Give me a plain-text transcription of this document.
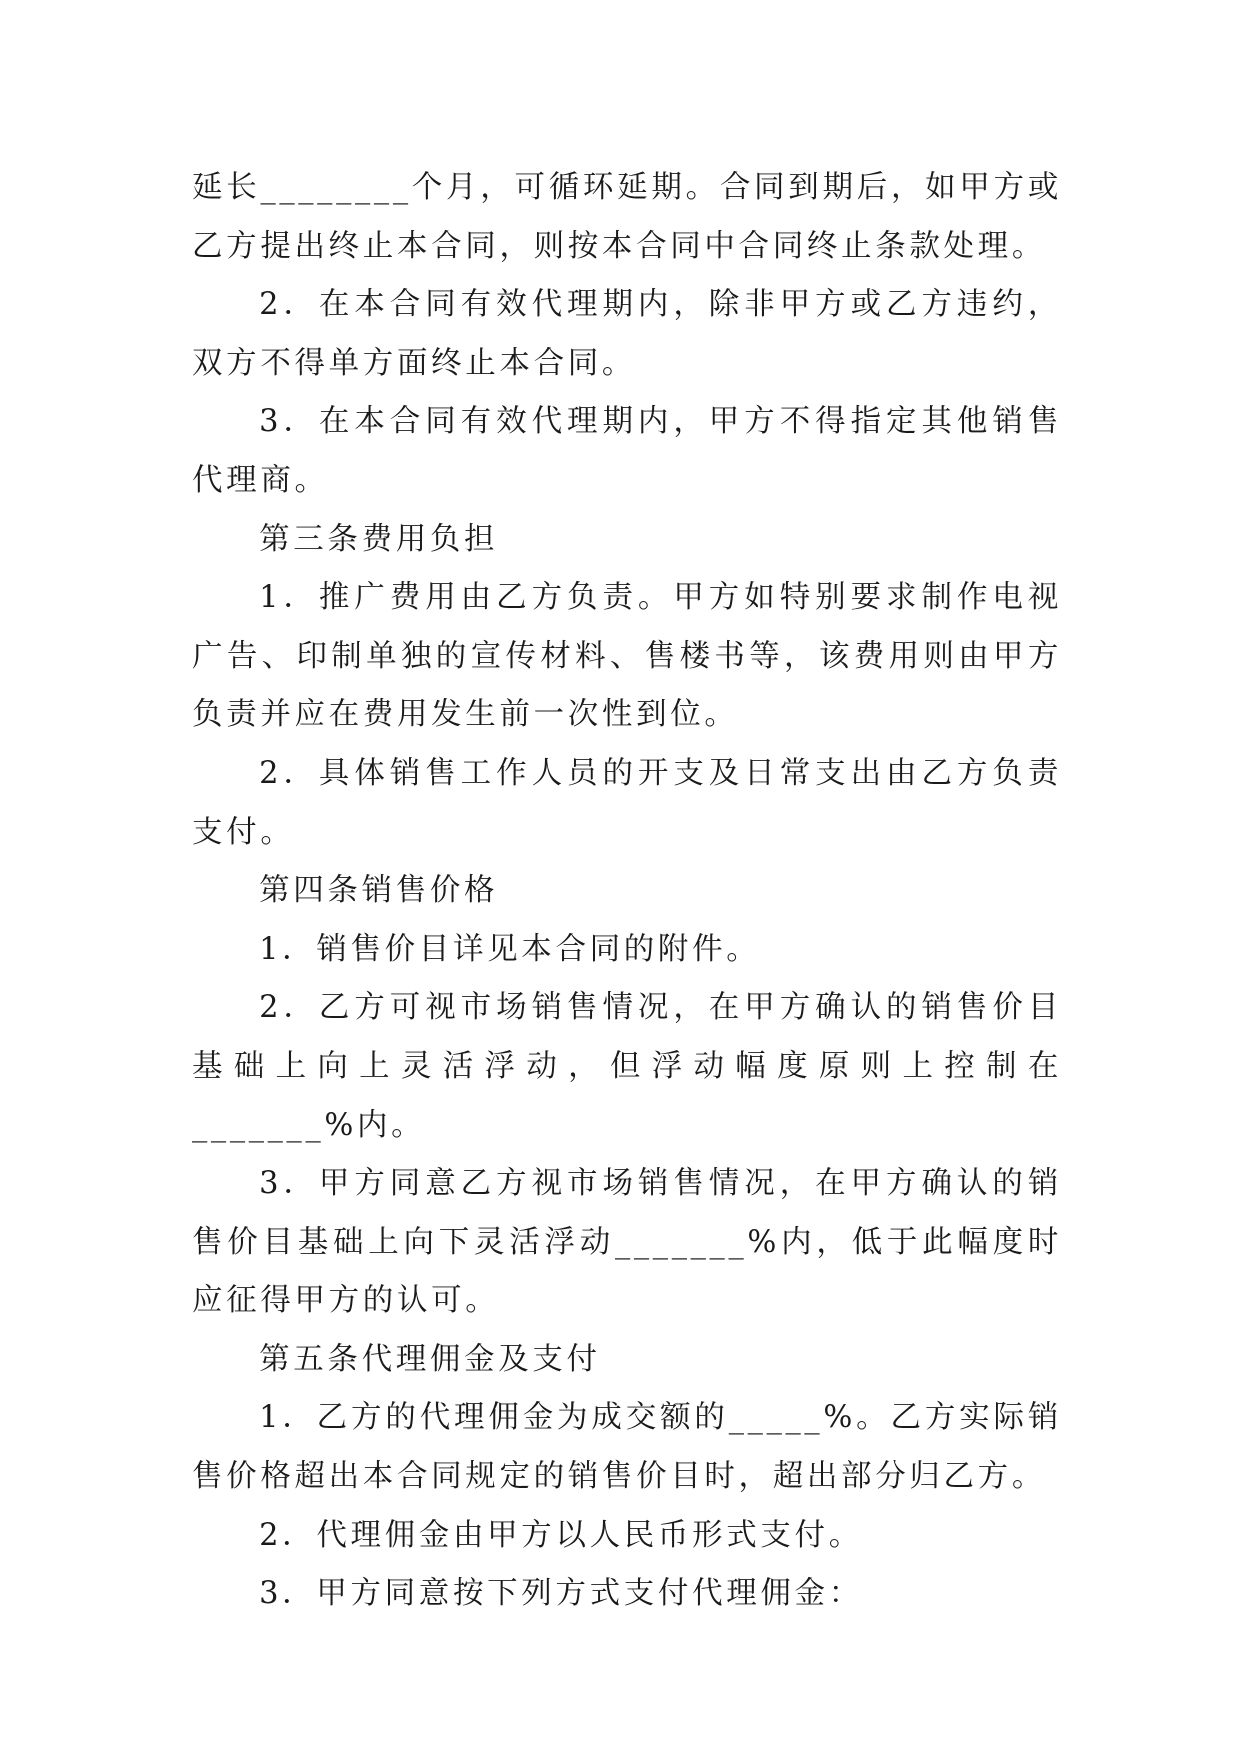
延长________个月，可循环延期。合同到期后，如甲方或乙方提出终止本合同，则按本合同中合同终止条款处理。

2．在本合同有效代理期内，除非甲方或乙方违约，双方不得单方面终止本合同。

3．在本合同有效代理期内，甲方不得指定其他销售代理商。

第三条费用负担

1．推广费用由乙方负责。甲方如特别要求制作电视广告、印制单独的宣传材料、售楼书等，该费用则由甲方负责并应在费用发生前一次性到位。

2．具体销售工作人员的开支及日常支出由乙方负责支付。

第四条销售价格

1．销售价目详见本合同的附件。

2．乙方可视市场销售情况，在甲方确认的销售价目基础上向上灵活浮动，但浮动幅度原则上控制在_______%内。

3．甲方同意乙方视市场销售情况，在甲方确认的销售价目基础上向下灵活浮动_______%内，低于此幅度时应征得甲方的认可。

第五条代理佣金及支付

1．乙方的代理佣金为成交额的_____%。乙方实际销售价格超出本合同规定的销售价目时，超出部分归乙方。

2．代理佣金由甲方以人民币形式支付。

3．甲方同意按下列方式支付代理佣金：
